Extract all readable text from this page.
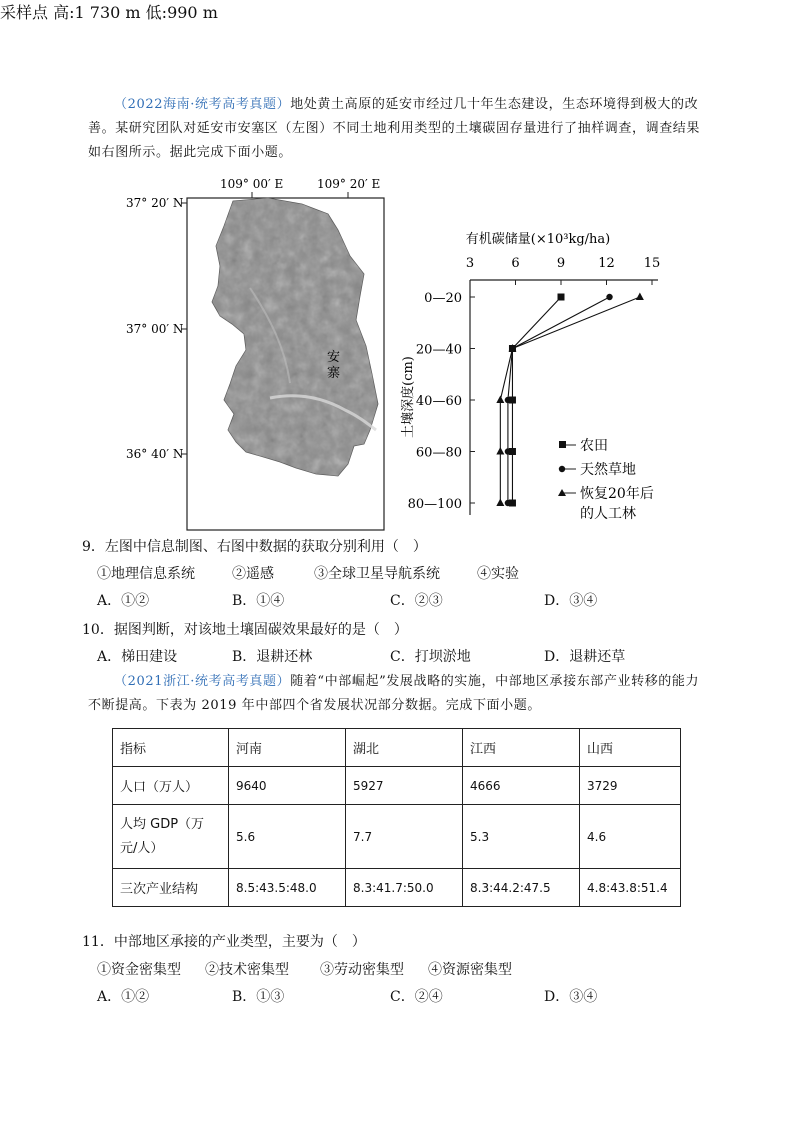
（2022海南·统考高考真题）地处黄土高原的延安市经过几十年生态建设，生态环境得到极大的改
善。某研究团队对延安市安塞区（左图）不同土地利用类型的土壤碳固存量进行了抽样调查，调查结果
如右图所示。据此完成下面小题。
109° 00′ E	109° 20′ E
37° 20′ N
37° 00′ N
36° 40′ N
安
寨
采样点 高:1 730 m 低:990 m
有机碳储量(×10³kg/ha)
3	6	9	12 15
土壤深度(cm)
0—20
20—40
40—60
60—80
80—100
农田
天然草地
恢复20年后
的人工林
9．左图中信息制图、右图中数据的获取分别利用（　）
①地理信息系统	②遥感	③全球卫星导航系统	④实验
A．①②	B．①④	C．②③	D．③④
10．据图判断，对该地土壤固碳效果最好的是（　）
A．梯田建设	B．退耕还林	C．打坝淤地	D．退耕还草
（2021浙江·统考高考真题）随着“中部崛起”发展战略的实施，中部地区承接东部产业转移的能力
不断提高。下表为 2019 年中部四个省发展状况部分数据。完成下面小题。
指标	河南	湖北	江西	山西
人口（万人）	9640	5927	4666	3729
人均 GDP（万元/人）	5.6	7.7	5.3	4.6
三次产业结构	8.5:43.5:48.0	8.3:41.7:50.0	8.3:44.2:47.5	4.8:43.8:51.4
11．中部地区承接的产业类型，主要为（　）
①资金密集型 ②技术密集型 ③劳动密集型 ④资源密集型
A．①②	B．①③	C．②④	D．③④
